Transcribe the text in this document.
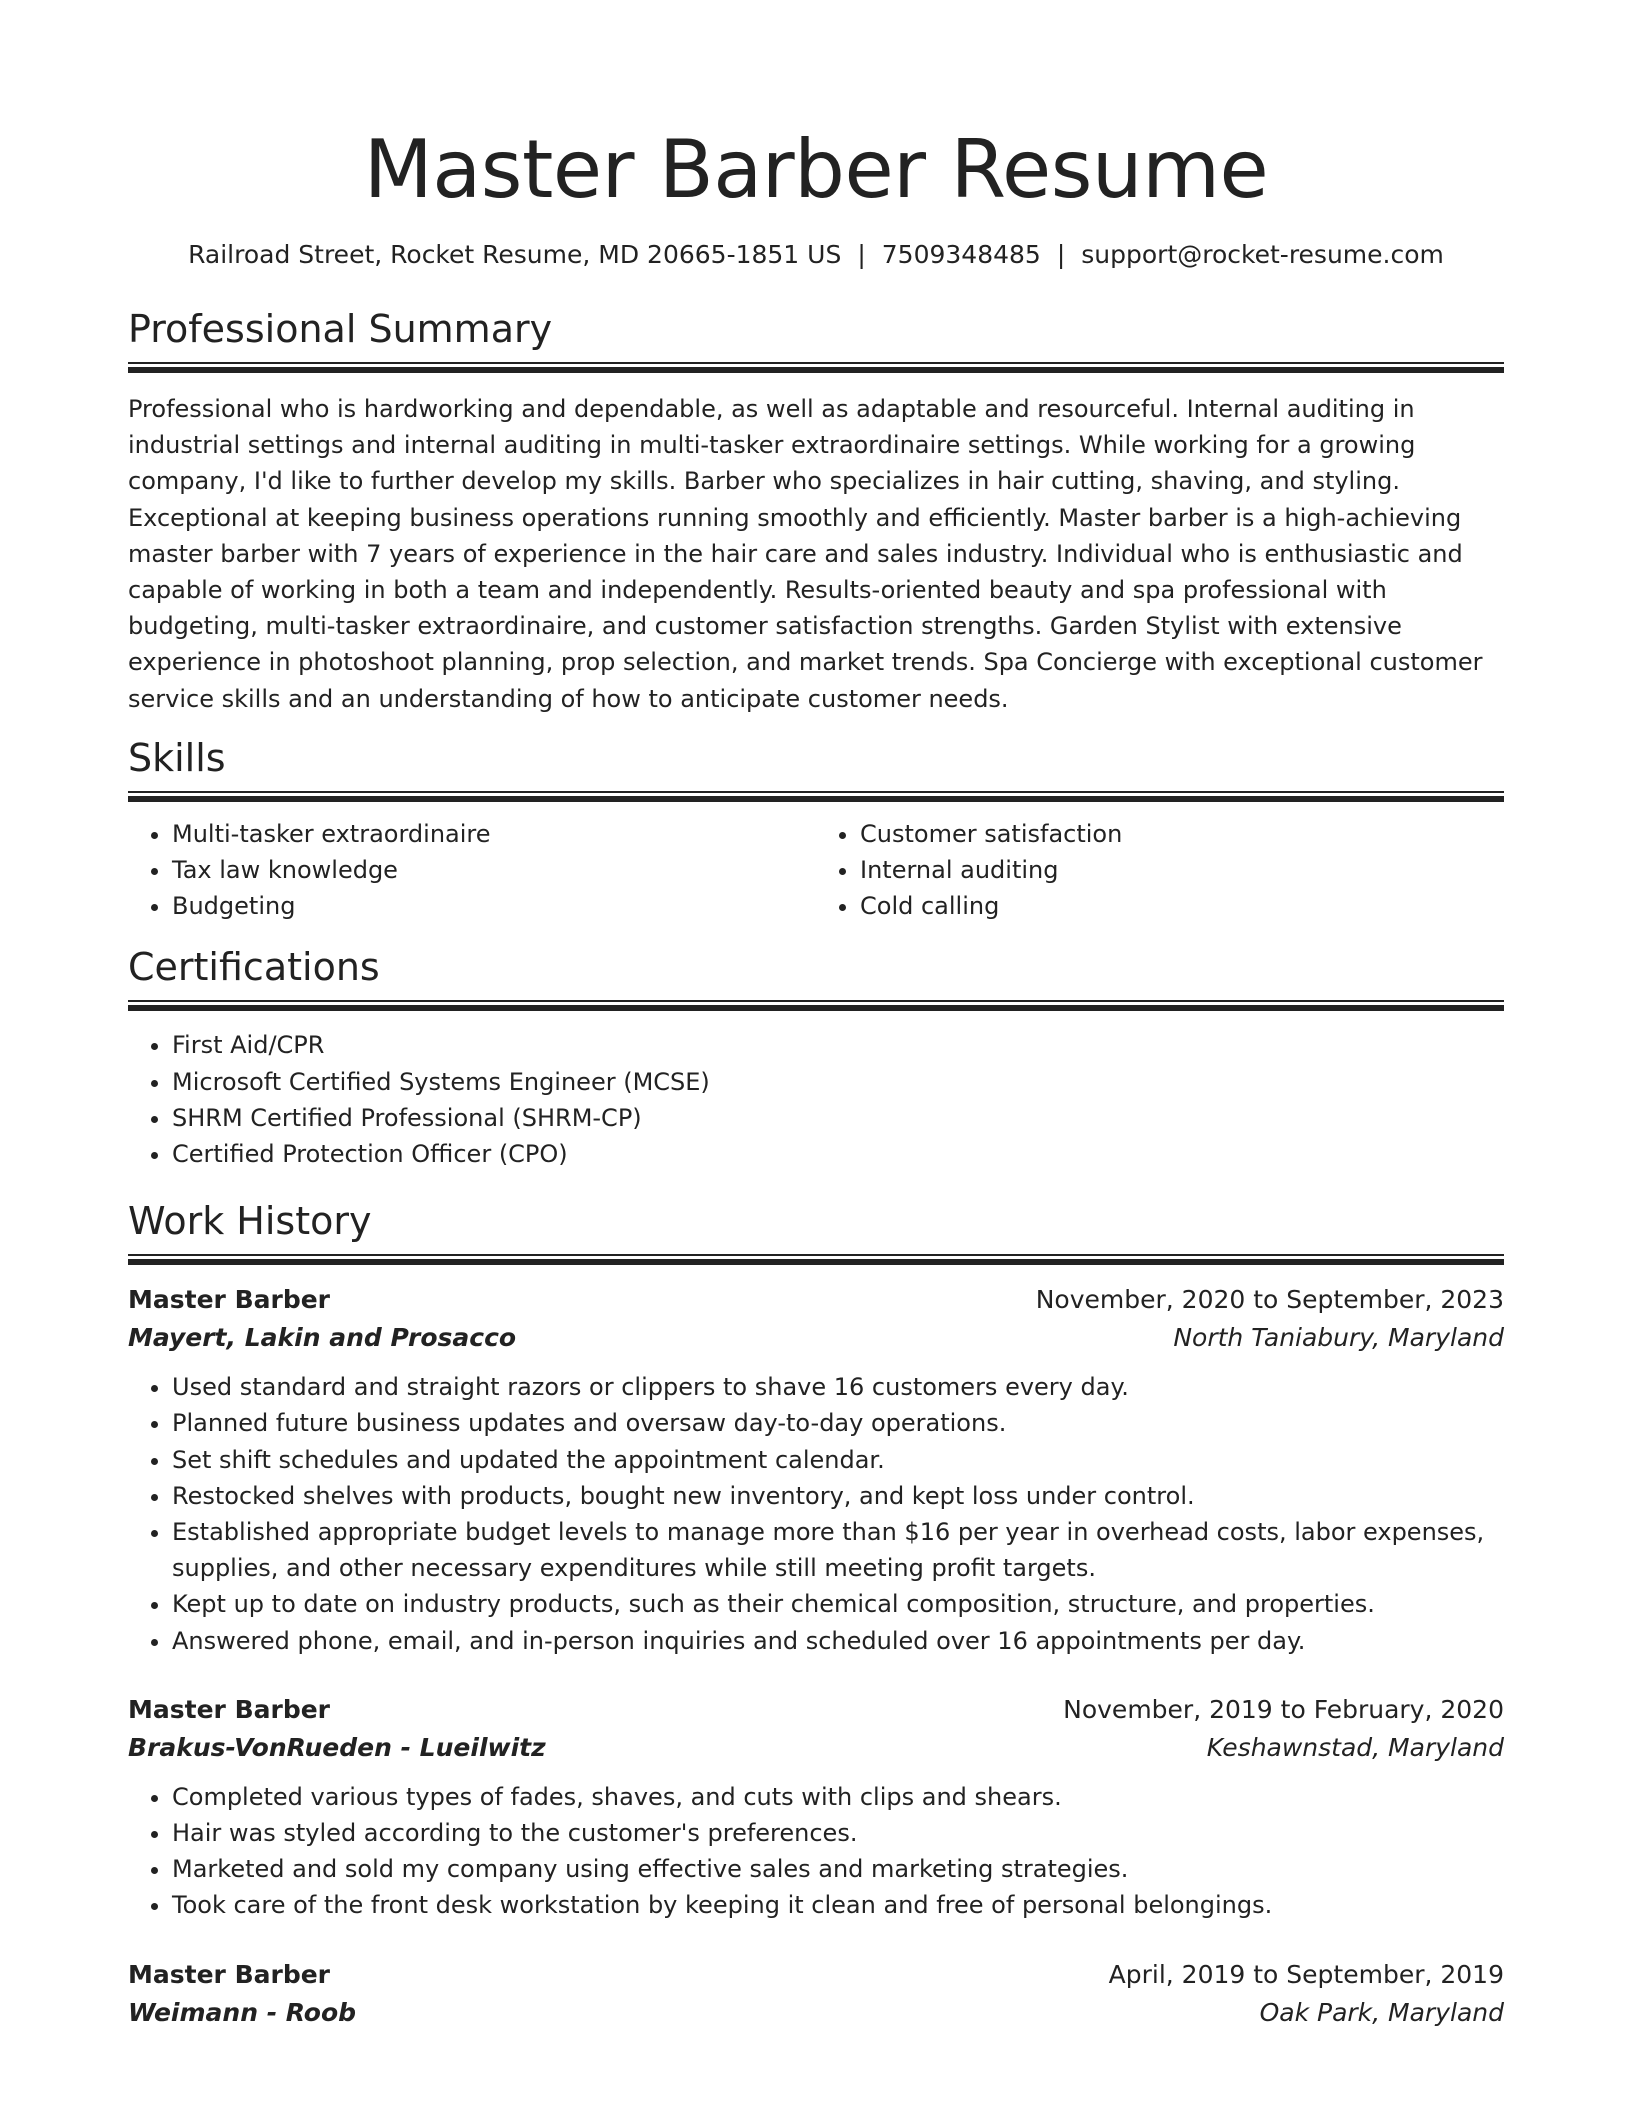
Master Barber Resume
Railroad Street, Rocket Resume, MD 20665-1851 US | 7509348485 | support@rocket-resume.com
Professional Summary

Professional who is hardworking and dependable, as well as adaptable and resourceful. Internal auditing in industrial settings and internal auditing in multi-tasker extraordinaire settings. While working for a growing company, I'd like to further develop my skills. Barber who specializes in hair cutting, shaving, and styling. Exceptional at keeping business operations running smoothly and efficiently. Master barber is a high-achieving master barber with 7 years of experience in the hair care and sales industry. Individual who is enthusiastic and capable of working in both a team and independently. Results-oriented beauty and spa professional with budgeting, multi-tasker extraordinaire, and customer satisfaction strengths. Garden Stylist with extensive experience in photoshoot planning, prop selection, and market trends. Spa Concierge with exceptional customer service skills and an understanding of how to anticipate customer needs.

Skills
• Multi-tasker extraordinaire
• Tax law knowledge
• Budgeting
• Customer satisfaction
• Internal auditing
• Cold calling
Certifications
• First Aid/CPR
• Microsoft Certified Systems Engineer (MCSE)
• SHRM Certified Professional (SHRM-CP)
• Certified Protection Officer (CPO)
Work History
Master Barber	November, 2020 to September, 2023
Mayert, Lakin and Prosacco	North Taniabury, Maryland
• Used standard and straight razors or clippers to shave 16 customers every day.
• Planned future business updates and oversaw day-to-day operations.
• Set shift schedules and updated the appointment calendar.
• Restocked shelves with products, bought new inventory, and kept loss under control.
• Established appropriate budget levels to manage more than $16 per year in overhead costs, labor expenses, supplies, and other necessary expenditures while still meeting profit targets.
• Kept up to date on industry products, such as their chemical composition, structure, and properties.
• Answered phone, email, and in-person inquiries and scheduled over 16 appointments per day.
Master Barber	November, 2019 to February, 2020
Brakus-VonRueden - Lueilwitz	Keshawnstad, Maryland
• Completed various types of fades, shaves, and cuts with clips and shears.
• Hair was styled according to the customer's preferences.
• Marketed and sold my company using effective sales and marketing strategies.
• Took care of the front desk workstation by keeping it clean and free of personal belongings.
Master Barber	April, 2019 to September, 2019
Weimann - Roob	Oak Park, Maryland
